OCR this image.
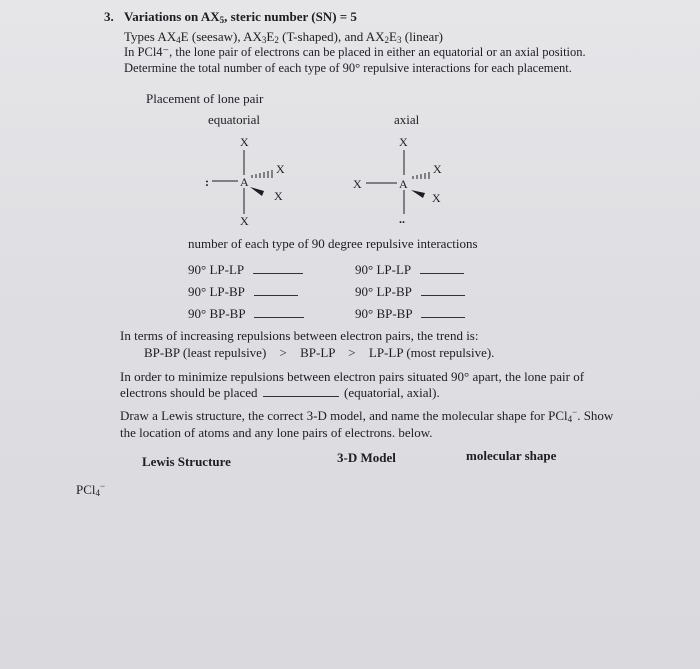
3. Variations on $AX_5$, steric number (SN) = 5
Types $AX_4E$ (seesaw), $AX_3E_2$ (T-shaped), and $AX_2E_3$ (linear)
In PCl4⁻, the lone pair of electrons can be placed in either an equatorial or an axial position.
Determine the total number of each type of 90° repulsive interactions for each placement.
Placement of lone pair
equatorial	axial
X
A
X
:
X
X
X
A
..
X
X
X
number of each type of 90 degree repulsive interactions
90° LP-LP	90° LP-LP
90° LP-BP	90° LP-BP
90° BP-BP	90° BP-BP
In terms of increasing repulsions between electron pairs, the trend is:
BP-BP (least repulsive) > BP-LP > LP-LP (most repulsive).
In order to minimize repulsions between electron pairs situated 90° apart, the lone pair of
electrons should be placed	(equatorial, axial).
Draw a Lewis structure, the correct 3-D model, and name the molecular shape for PCl$_4$−. Show
the location of atoms and any lone pairs of electrons. below.
Lewis Structure	3-D Model	molecular shape
PCl$_4$−
